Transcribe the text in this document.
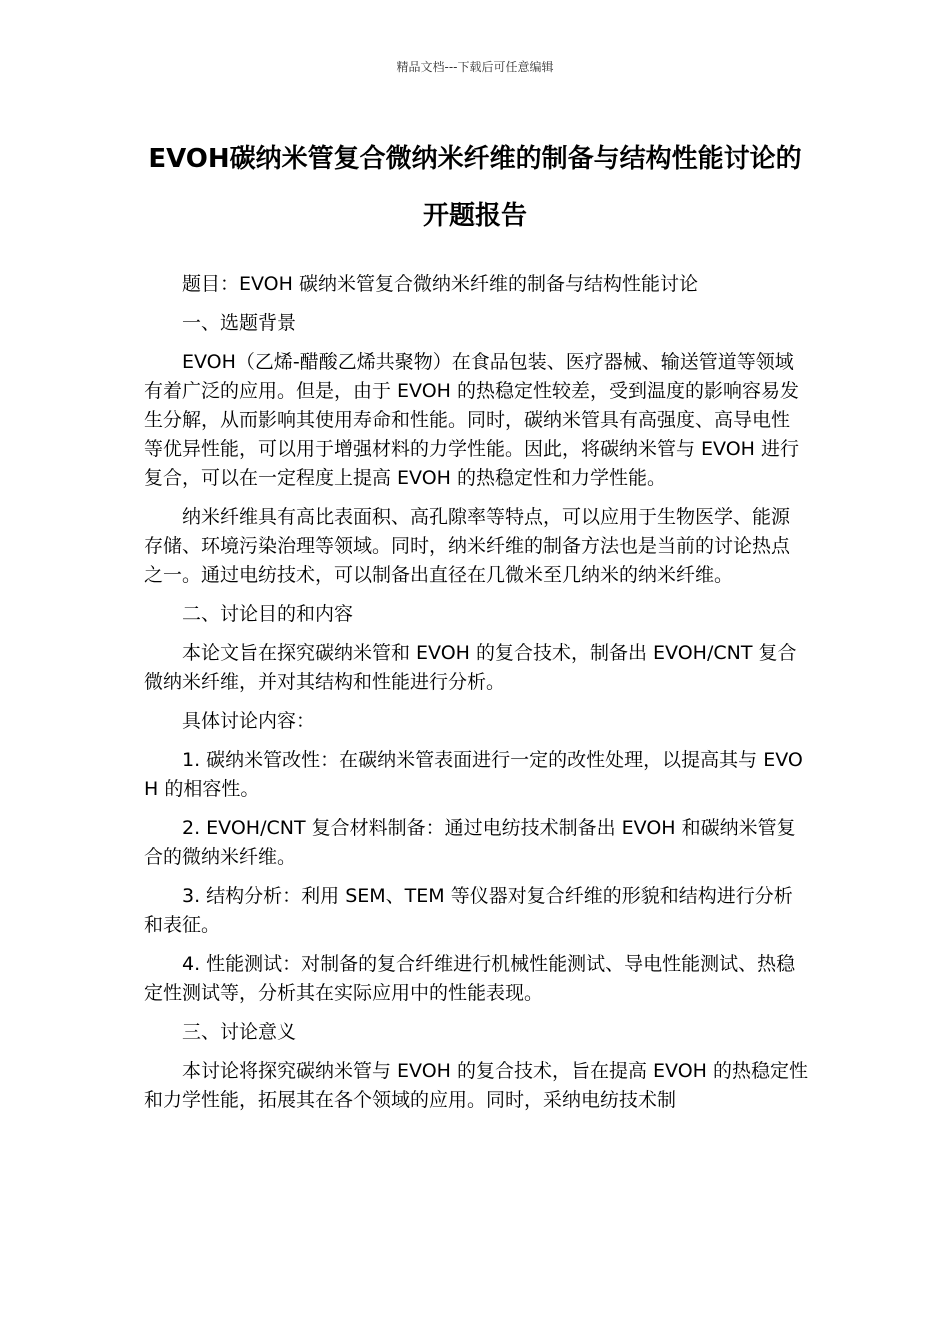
精品文档---下载后可任意编辑
EVOH碳纳米管复合微纳米纤维的制备与结构性能讨论的开题报告

题目：EVOH 碳纳米管复合微纳米纤维的制备与结构性能讨论

一、选题背景

EVOH（乙烯-醋酸乙烯共聚物）在食品包装、医疗器械、输送管道等领域有着广泛的应用。但是，由于 EVOH 的热稳定性较差，受到温度的影响容易发生分解，从而影响其使用寿命和性能。同时，碳纳米管具有高强度、高导电性等优异性能，可以用于增强材料的力学性能。因此，将碳纳米管与 EVOH 进行复合，可以在一定程度上提高 EVOH 的热稳定性和力学性能。

纳米纤维具有高比表面积、高孔隙率等特点，可以应用于生物医学、能源存储、环境污染治理等领域。同时，纳米纤维的制备方法也是当前的讨论热点之一。通过电纺技术，可以制备出直径在几微米至几纳米的纳米纤维。

二、讨论目的和内容

本论文旨在探究碳纳米管和 EVOH 的复合技术，制备出 EVOH/CNT 复合微纳米纤维，并对其结构和性能进行分析。

具体讨论内容：

1. 碳纳米管改性：在碳纳米管表面进行一定的改性处理，以提高其与 EVOH 的相容性。

2. EVOH/CNT 复合材料制备：通过电纺技术制备出 EVOH 和碳纳米管复合的微纳米纤维。

3. 结构分析：利用 SEM、TEM 等仪器对复合纤维的形貌和结构进行分析和表征。

4. 性能测试：对制备的复合纤维进行机械性能测试、导电性能测试、热稳定性测试等，分析其在实际应用中的性能表现。

三、讨论意义

本讨论将探究碳纳米管与 EVOH 的复合技术，旨在提高 EVOH 的热稳定性和力学性能，拓展其在各个领域的应用。同时，采纳电纺技术制
